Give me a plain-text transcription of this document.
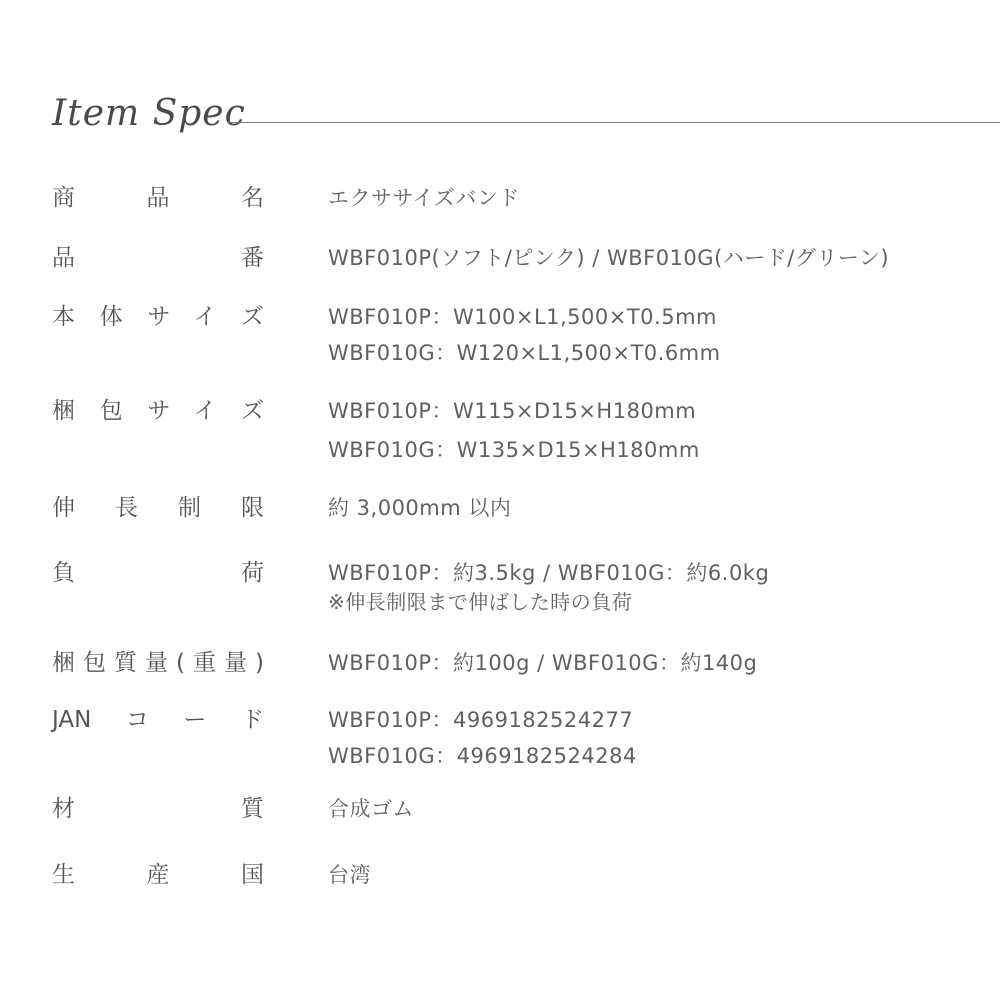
Item Spec
商品名	エクササイズバンド
品番	WBF010P(ソフト/ピンク) / WBF010G(ハード/グリーン)
本体サイズ	WBF010P：W100×L1,500×T0.5mm
WBF010G：W120×L1,500×T0.6mm
梱包サイズ	WBF010P：W115×D15×H180mm
WBF010G：W135×D15×H180mm
伸長制限	約 3,000mm 以内
負荷	WBF010P：約3.5kg / WBF010G：約6.0kg
※伸長制限まで伸ばした時の負荷
梱包質量(重量)	WBF010P：約100g / WBF010G：約140g
JANコード	WBF010P：4969182524277
WBF010G：4969182524284
材質	合成ゴム
生産国	台湾
